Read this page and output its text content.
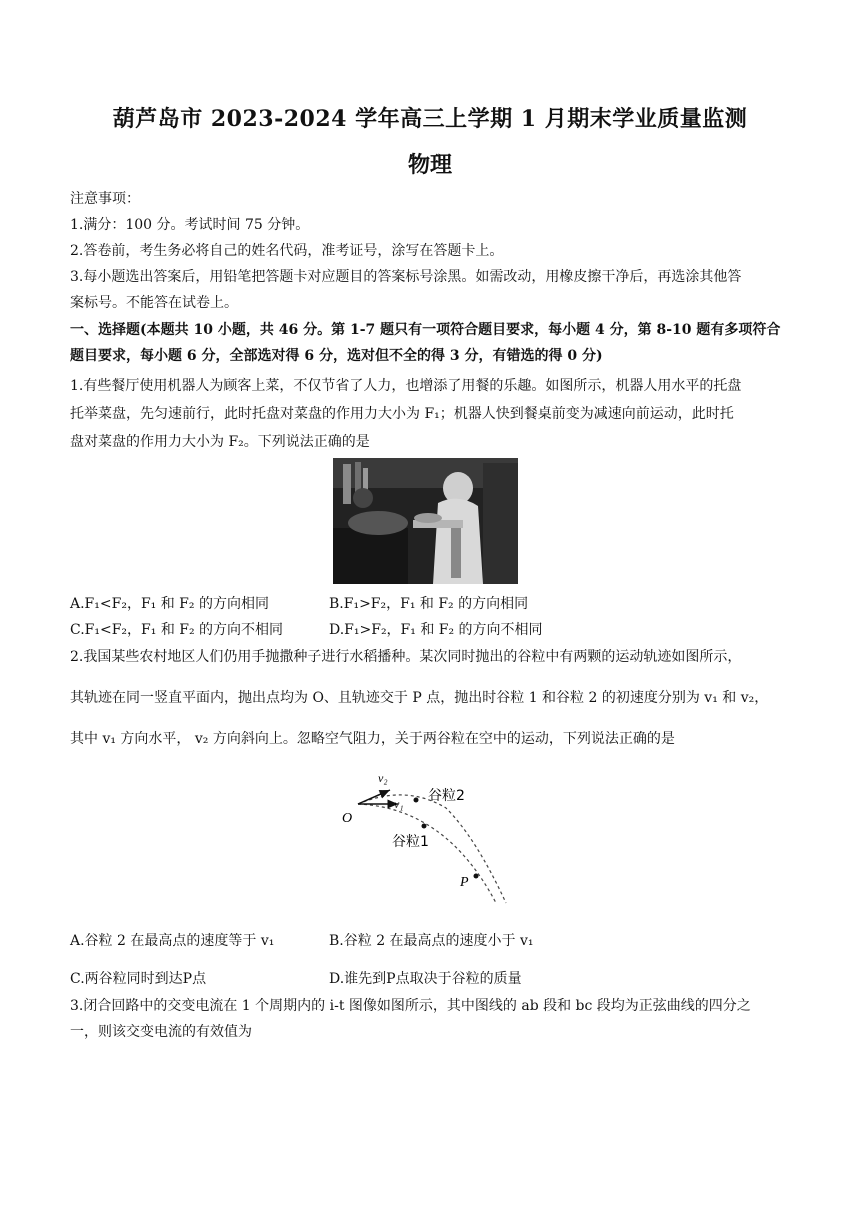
葫芦岛市 2023-2024 学年高三上学期 1 月期末学业质量监测
物理
注意事项：
1.满分：100 分。考试时间 75 分钟。
2.答卷前，考生务必将自己的姓名代码，准考证号，涂写在答题卡上。
3.每小题选出答案后，用铅笔把答题卡对应题目的答案标号涂黑。如需改动，用橡皮擦干净后，再选涂其他答
案标号。不能答在试卷上。
一、选择题(本题共 10 小题，共 46 分。第 1-7 题只有一项符合题目要求，每小题 4 分，第 8-10 题有多项符合
题目要求，每小题 6 分，全部选对得 6 分，选对但不全的得 3 分，有错选的得 0 分)
1.有些餐厅使用机器人为顾客上菜，不仅节省了人力，也增添了用餐的乐趣。如图所示，机器人用水平的托盘
托举菜盘，先匀速前行，此时托盘对菜盘的作用力大小为 F₁；机器人快到餐桌前变为减速向前运动，此时托
盘对菜盘的作用力大小为 F₂。下列说法正确的是
A.F₁<F₂，F₁ 和 F₂ 的方向相同	B.F₁>F₂，F₁ 和 F₂ 的方向相同
C.F₁<F₂，F₁ 和 F₂ 的方向不相同	D.F₁>F₂，F₁ 和 F₂ 的方向不相同
2.我国某些农村地区人们仍用手抛撒种子进行水稻播种。某次同时抛出的谷粒中有两颗的运动轨迹如图所示，
其轨迹在同一竖直平面内，抛出点均为 O、且轨迹交于 P 点，抛出时谷粒 1 和谷粒 2 的初速度分别为 v₁ 和 v₂，
其中 v₁ 方向水平， v₂ 方向斜向上。忽略空气阻力，关于两谷粒在空中的运动，下列说法正确的是
v₂
v₁ 谷粒2
谷粒1
O
P
A.谷粒 2 在最高点的速度等于 v₁	B.谷粒 2 在最高点的速度小于 v₁
C.两谷粒同时到达P点	D.谁先到P点取决于谷粒的质量
3.闭合回路中的交变电流在 1 个周期内的 i-t 图像如图所示，其中图线的 ab 段和 bc 段均为正弦曲线的四分之
一，则该交变电流的有效值为
